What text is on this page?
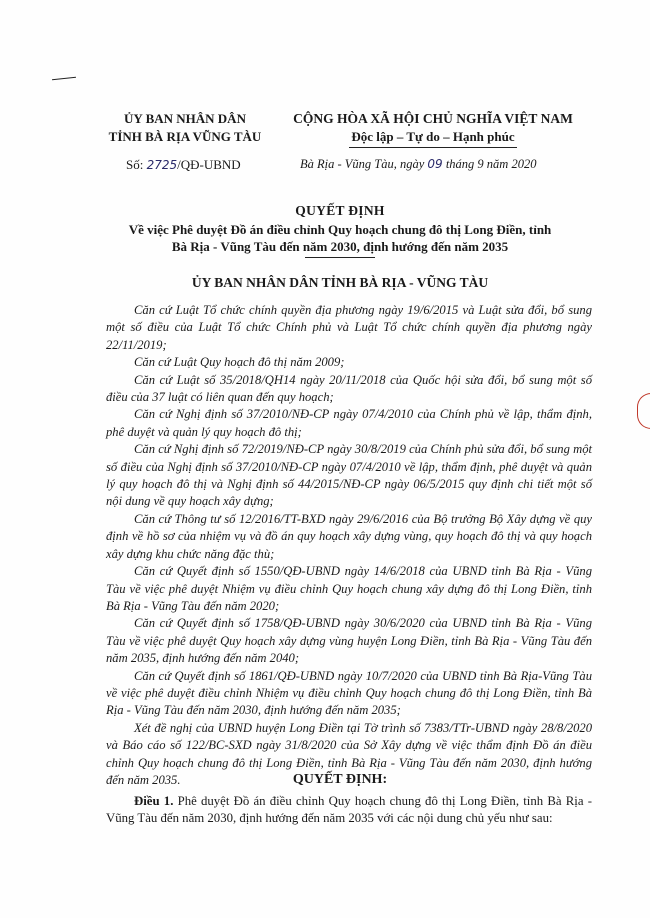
ỦY BAN NHÂN DÂN
TỈNH BÀ RỊA VŨNG TÀU
CỘNG HÒA XÃ HỘI CHỦ NGHĨA VIỆT NAM
Độc lập – Tự do – Hạnh phúc
Số: 2725/QĐ-UBND	Bà Rịa - Vũng Tàu, ngày 09 tháng 9 năm 2020
QUYẾT ĐỊNH
Về việc Phê duyệt Đồ án điều chỉnh Quy hoạch chung đô thị Long Điền, tỉnh
Bà Rịa - Vũng Tàu đến năm 2030, định hướng đến năm 2035
ỦY BAN NHÂN DÂN TỈNH BÀ RỊA - VŨNG TÀU

Căn cứ Luật Tổ chức chính quyền địa phương ngày 19/6/2015 và Luật sửa đổi, bổ sung một số điều của Luật Tổ chức Chính phủ và Luật Tổ chức chính quyền địa phương ngày 22/11/2019;

Căn cứ Luật Quy hoạch đô thị năm 2009;

Căn cứ Luật số 35/2018/QH14 ngày 20/11/2018 của Quốc hội sửa đổi, bổ sung một số điều của 37 luật có liên quan đến quy hoạch;

Căn cứ Nghị định số 37/2010/NĐ-CP ngày 07/4/2010 của Chính phủ về lập, thẩm định, phê duyệt và quản lý quy hoạch đô thị;

Căn cứ Nghị định số 72/2019/NĐ-CP ngày 30/8/2019 của Chính phủ sửa đổi, bổ sung một số điều của Nghị định số 37/2010/NĐ-CP ngày 07/4/2010 về lập, thẩm định, phê duyệt và quản lý quy hoạch đô thị và Nghị định số 44/2015/NĐ-CP ngày 06/5/2015 quy định chi tiết một số nội dung về quy hoạch xây dựng;

Căn cứ Thông tư số 12/2016/TT-BXD ngày 29/6/2016 của Bộ trưởng Bộ Xây dựng về quy định về hồ sơ của nhiệm vụ và đồ án quy hoạch xây dựng vùng, quy hoạch đô thị và quy hoạch xây dựng khu chức năng đặc thù;

Căn cứ Quyết định số 1550/QĐ-UBND ngày 14/6/2018 của UBND tỉnh Bà Rịa - Vũng Tàu về việc phê duyệt Nhiệm vụ điều chỉnh Quy hoạch chung xây dựng đô thị Long Điền, tỉnh Bà Rịa - Vũng Tàu đến năm 2020;

Căn cứ Quyết định số 1758/QĐ-UBND ngày 30/6/2020 của UBND tỉnh Bà Rịa - Vũng Tàu về việc phê duyệt Quy hoạch xây dựng vùng huyện Long Điền, tỉnh Bà Rịa - Vũng Tàu đến năm 2035, định hướng đến năm 2040;

Căn cứ Quyết định số 1861/QĐ-UBND ngày 10/7/2020 của UBND tỉnh Bà Rịa-Vũng Tàu về việc phê duyệt điều chỉnh Nhiệm vụ điều chỉnh Quy hoạch chung đô thị Long Điền, tỉnh Bà Rịa - Vũng Tàu đến năm 2030, định hướng đến năm 2035;

Xét đề nghị của UBND huyện Long Điền tại Tờ trình số 7383/TTr-UBND ngày 28/8/2020 và Báo cáo số 122/BC-SXD ngày 31/8/2020 của Sở Xây dựng về việc thẩm định Đồ án điều chỉnh Quy hoạch chung đô thị Long Điền, tỉnh Bà Rịa - Vũng Tàu đến năm 2030, định hướng đến năm 2035.	QUYẾT ĐỊNH:

Điều 1. Phê duyệt Đồ án điều chỉnh Quy hoạch chung đô thị Long Điền, tỉnh Bà Rịa - Vũng Tàu đến năm 2030, định hướng đến năm 2035 với các nội dung chủ yếu như sau:
